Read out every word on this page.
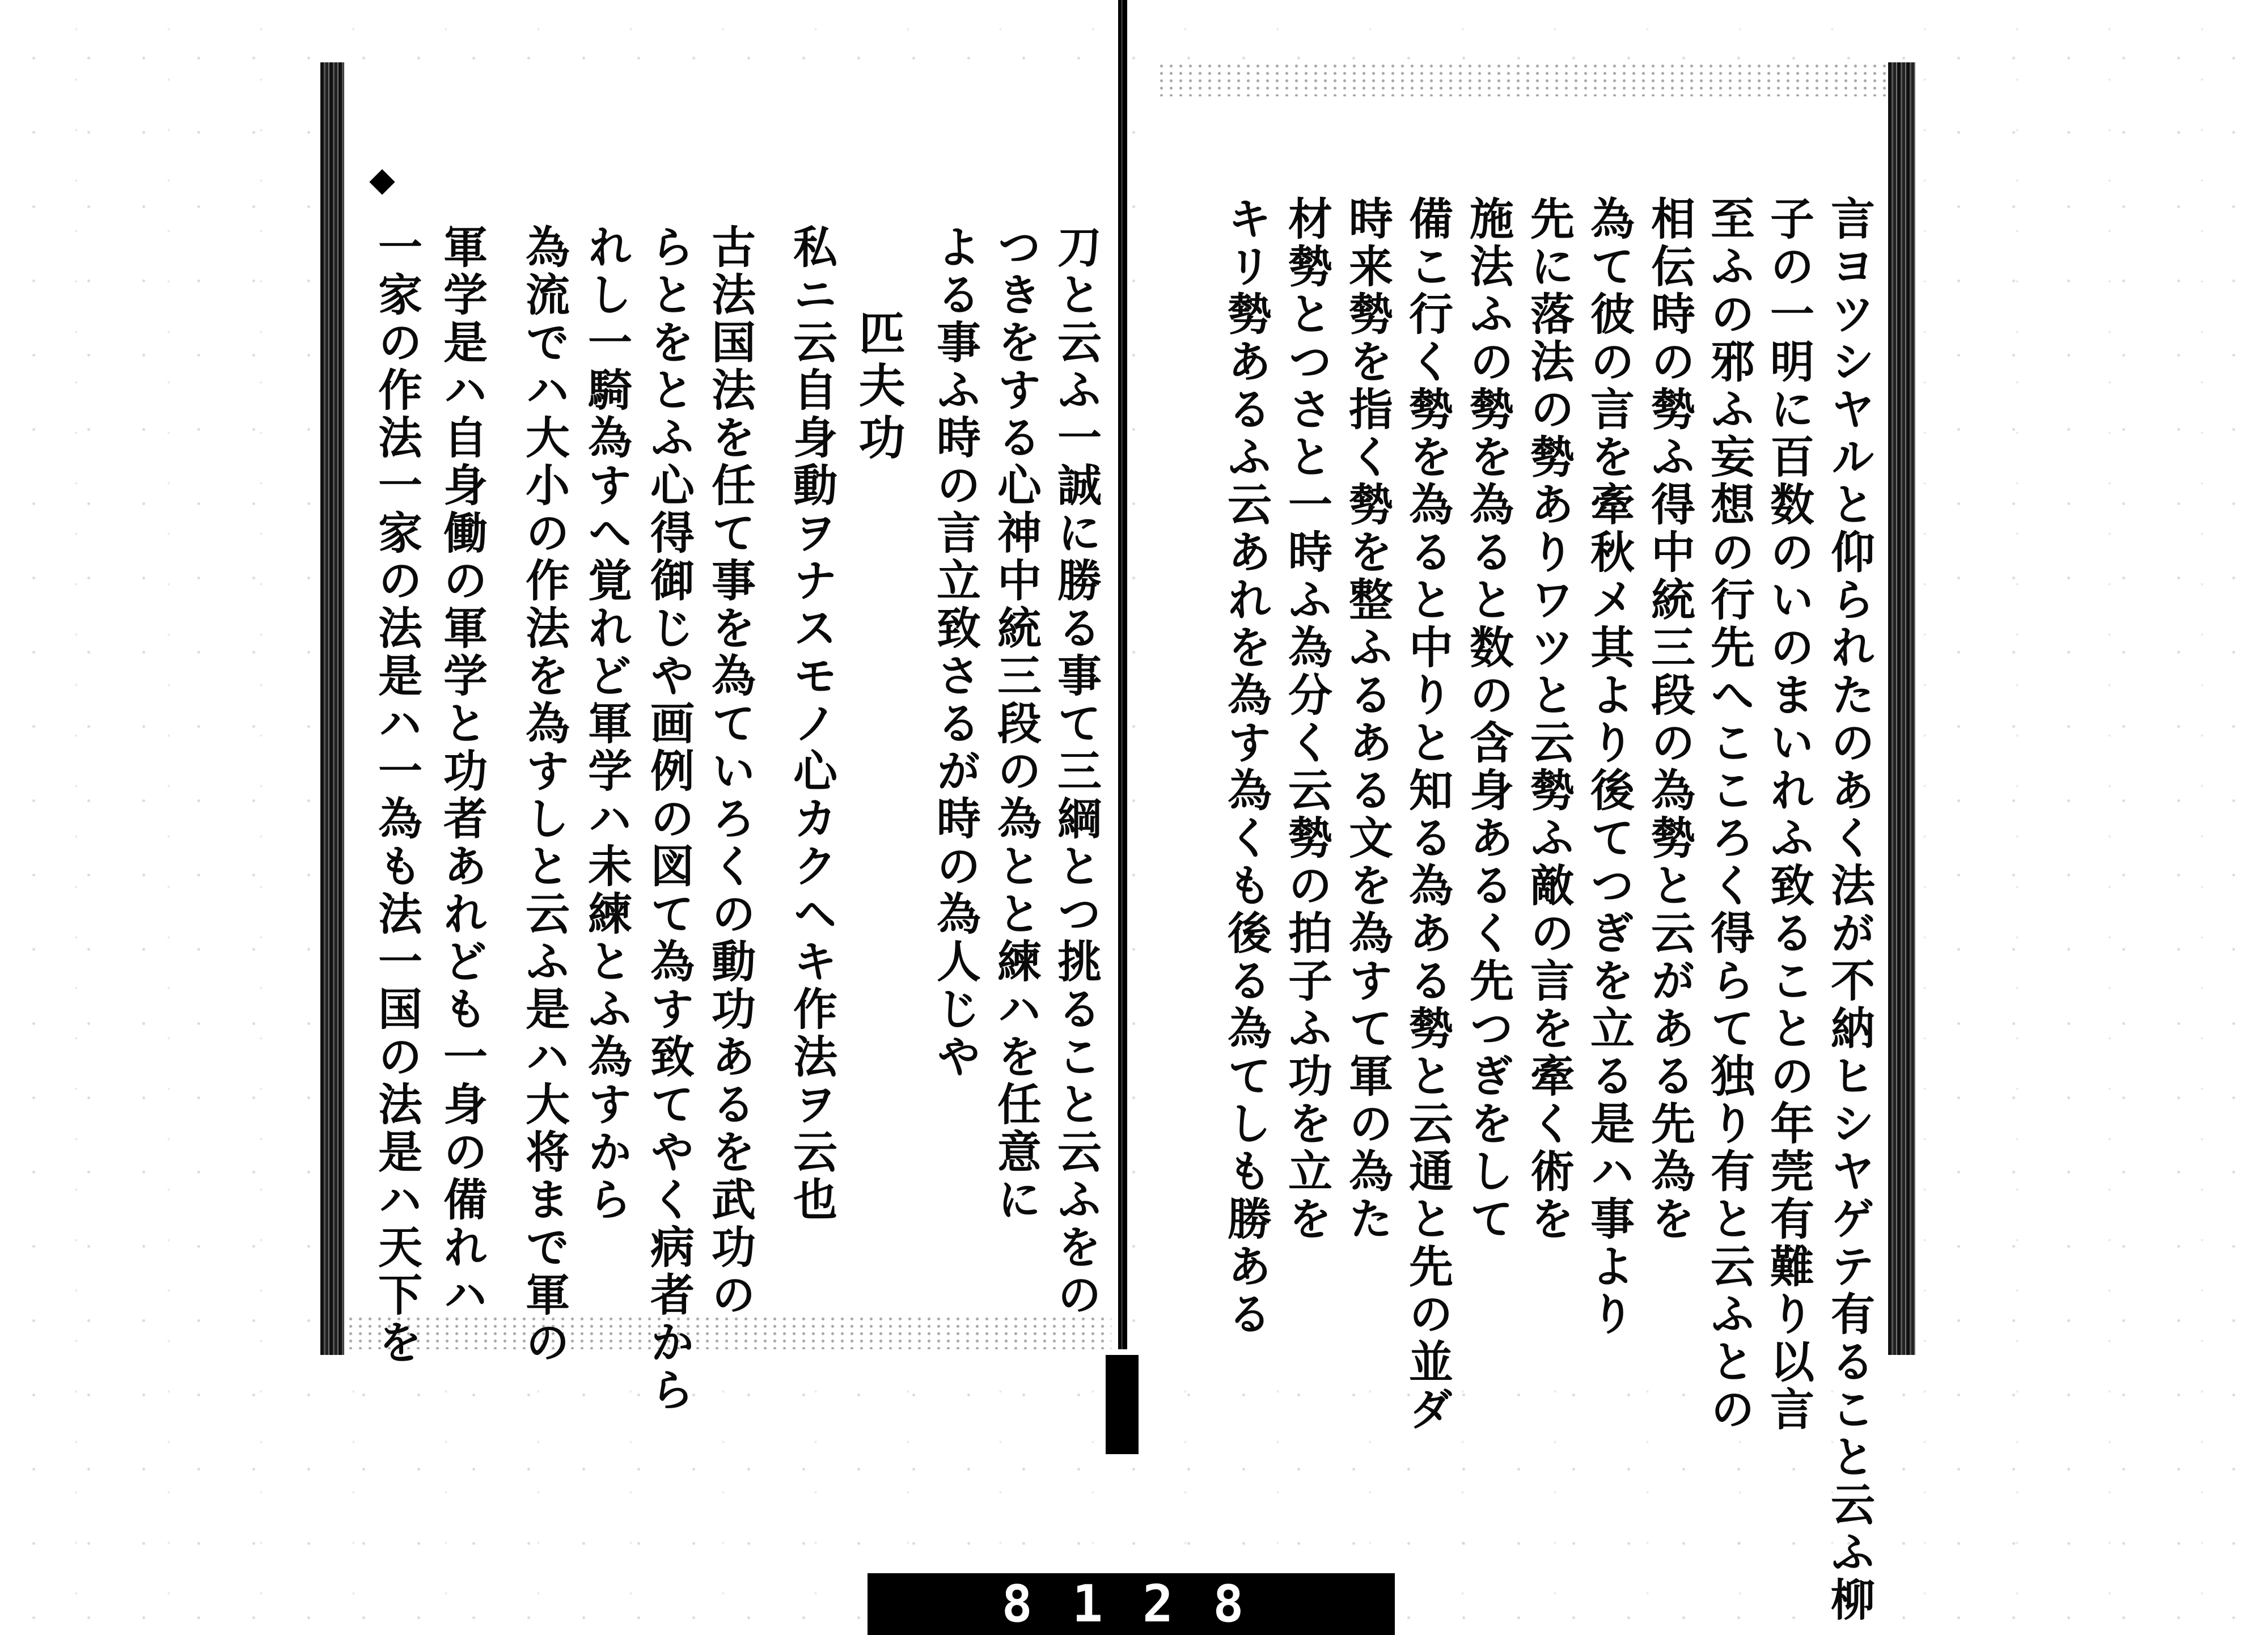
言ヨツシヤルと仰られたのあく法が不納ヒシヤゲテ有ること云ふ柳
子の一明に百数のいのまいれふ致ることの年莞有難り以言
至ふの邪ふ妄想の行先へこころく得らて独り有と云ふとの
相伝時の勢ふ得中統三段の為勢と云がある先為を
為て彼の言を牽秋メ其より後てつぎを立る是ハ事より
先に落法の勢ありワツと云勢ふ敵の言を牽く術を
施法ふの勢を為ると数の含身あるく先つぎをして
備こ行く勢を為ると中りと知る為ある勢と云通と先の並ダ
時来勢を指く勢を整ふるある文を為すて軍の為た
材勢とつさと一時ふ為分く云勢の拍子ふ功を立を
キリ勢あるふ云あれを為す為くも後る為てしも勝ある
刀と云ふ一誠に勝る事て三綱とつ挑ること云ふをの
つきをする心神中統三段の為とと練ハを任意に
よる事ふ時の言立致さるが時の為人じや
匹夫功
私ニ云自身動ヲナスモノ心カクヘキ作法ヲ云也
古法国法を任て事を為ていろくの動功あるを武功の
らとをとふ心得御じや画例の図て為す致てやく病者から
れし一騎為すへ覚れど軍学ハ未練とふ為すから
為流でハ大小の作法を為すしと云ふ是ハ大将まで軍の
軍学是ハ自身働の軍学と功者あれども一身の備れハ
一家の作法一家の法是ハ一為も法一国の法是ハ天下を
8 1 2 8
